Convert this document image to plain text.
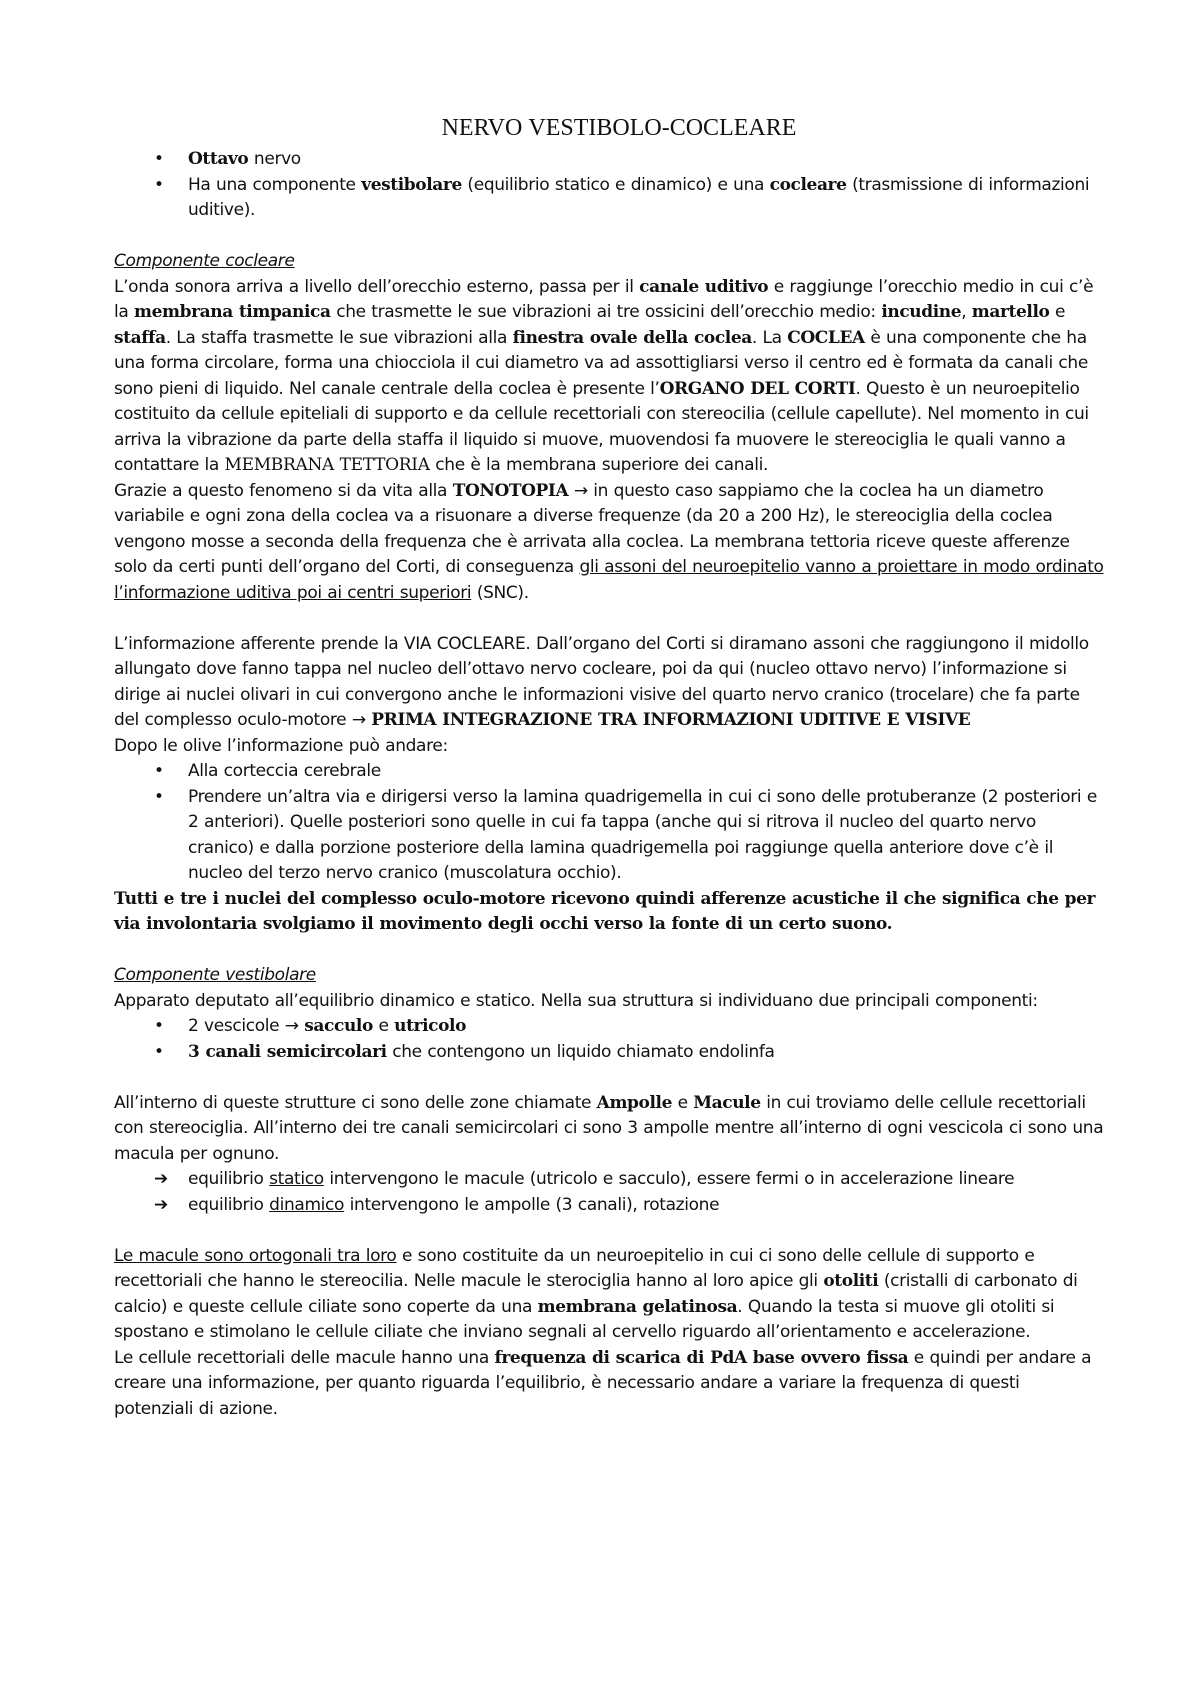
NERVO VESTIBOLO-COCLEARE
• Ottavo nervo
• Ha una componente vestibolare (equilibrio statico e dinamico) e una cocleare (trasmissione di informazioni uditive).

Componente cocleare

L’onda sonora arriva a livello dell’orecchio esterno, passa per il canale uditivo e raggiunge l’orecchio medio in cui c’è la membrana timpanica che trasmette le sue vibrazioni ai tre ossicini dell’orecchio medio: incudine, martello e staffa. La staffa trasmette le sue vibrazioni alla finestra ovale della coclea. La COCLEA è una componente che ha una forma circolare, forma una chiocciola il cui diametro va ad assottigliarsi verso il centro ed è formata da canali che sono pieni di liquido. Nel canale centrale della coclea è presente l’ORGANO DEL CORTI. Questo è un neuroepitelio costituito da cellule epiteliali di supporto e da cellule recettoriali con stereocilia (cellule capellute). Nel momento in cui arriva la vibrazione da parte della staffa il liquido si muove, muovendosi fa muovere le stereociglia le quali vanno a contattare la MEMBRANA TETTORIA che è la membrana superiore dei canali.

Grazie a questo fenomeno si da vita alla TONOTOPIA → in questo caso sappiamo che la coclea ha un diametro variabile e ogni zona della coclea va a risuonare a diverse frequenze (da 20 a 200 Hz), le stereociglia della coclea vengono mosse a seconda della frequenza che è arrivata alla coclea. La membrana tettoria riceve queste afferenze solo da certi punti dell’organo del Corti, di conseguenza gli assoni del neuroepitelio vanno a proiettare in modo ordinato l’informazione uditiva poi ai centri superiori (SNC).

L’informazione afferente prende la VIA COCLEARE. Dall’organo del Corti si diramano assoni che raggiungono il midollo allungato dove fanno tappa nel nucleo dell’ottavo nervo cocleare, poi da qui (nucleo ottavo nervo) l’informazione si dirige ai nuclei olivari in cui convergono anche le informazioni visive del quarto nervo cranico (trocelare) che fa parte del complesso oculo-motore → PRIMA INTEGRAZIONE TRA INFORMAZIONI UDITIVE E VISIVE

Dopo le olive l’informazione può andare:

• Alla corteccia cerebrale
• Prendere un’altra via e dirigersi verso la lamina quadrigemella in cui ci sono delle protuberanze (2 posteriori e 2 anteriori). Quelle posteriori sono quelle in cui fa tappa (anche qui si ritrova il nucleo del quarto nervo cranico) e dalla porzione posteriore della lamina quadrigemella poi raggiunge quella anteriore dove c’è il nucleo del terzo nervo cranico (muscolatura occhio).

Tutti e tre i nuclei del complesso oculo-motore ricevono quindi afferenze acustiche il che significa che per via involontaria svolgiamo il movimento degli occhi verso la fonte di un certo suono.

Componente vestibolare

Apparato deputato all’equilibrio dinamico e statico. Nella sua struttura si individuano due principali componenti:

• 2 vescicole → sacculo e utricolo
• 3 canali semicircolari che contengono un liquido chiamato endolinfa

All’interno di queste strutture ci sono delle zone chiamate Ampolle e Macule in cui troviamo delle cellule recettoriali con stereociglia. All’interno dei tre canali semicircolari ci sono 3 ampolle mentre all’interno di ogni vescicola ci sono una macula per ognuno.

➔ equilibrio statico intervengono le macule (utricolo e sacculo), essere fermi o in accelerazione lineare
➔ equilibrio dinamico intervengono le ampolle (3 canali), rotazione

Le macule sono ortogonali tra loro e sono costituite da un neuroepitelio in cui ci sono delle cellule di supporto e recettoriali che hanno le stereocilia. Nelle macule le sterociglia hanno al loro apice gli otoliti (cristalli di carbonato di calcio) e queste cellule ciliate sono coperte da una membrana gelatinosa. Quando la testa si muove gli otoliti si spostano e stimolano le cellule ciliate che inviano segnali al cervello riguardo all’orientamento e accelerazione.

Le cellule recettoriali delle macule hanno una frequenza di scarica di PdA base ovvero fissa e quindi per andare a creare una informazione, per quanto riguarda l’equilibrio, è necessario andare a variare la frequenza di questi potenziali di azione.
